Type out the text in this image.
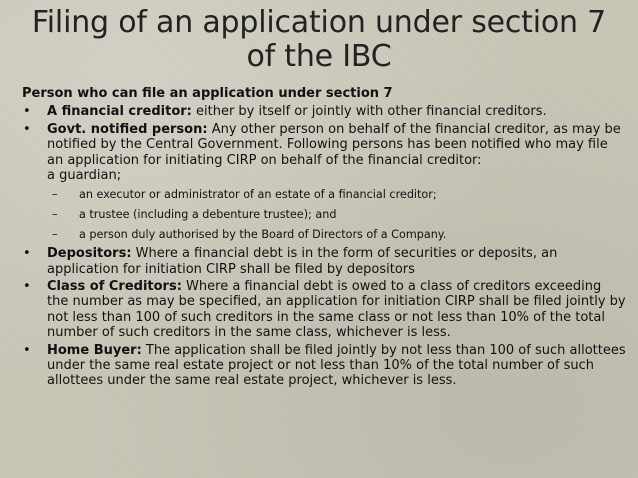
Filing of an application under section 7
of the IBC
Person who can file an application under section 7
• A financial creditor: either by itself or jointly with other financial creditors.
• Govt. notified person: Any other person on behalf of the financial creditor, as may be notified by the Central Government. Following persons has been notified who may file an application for initiating CIRP on behalf of the financial creditor:
a guardian;
– an executor or administrator of an estate of a financial creditor;
– a trustee (including a debenture trustee); and
– a person duly authorised by the Board of Directors of a Company.
• Depositors: Where a financial debt is in the form of securities or deposits, an application for initiation CIRP shall be filed by depositors
• Class of Creditors: Where a financial debt is owed to a class of creditors exceeding the number as may be specified, an application for initiation CIRP shall be filed jointly by not less than 100 of such creditors in the same class or not less than 10% of the total number of such creditors in the same class, whichever is less.
• Home Buyer: The application shall be filed jointly by not less than 100 of such allottees under the same real estate project or not less than 10% of the total number of such allottees under the same real estate project, whichever is less.
